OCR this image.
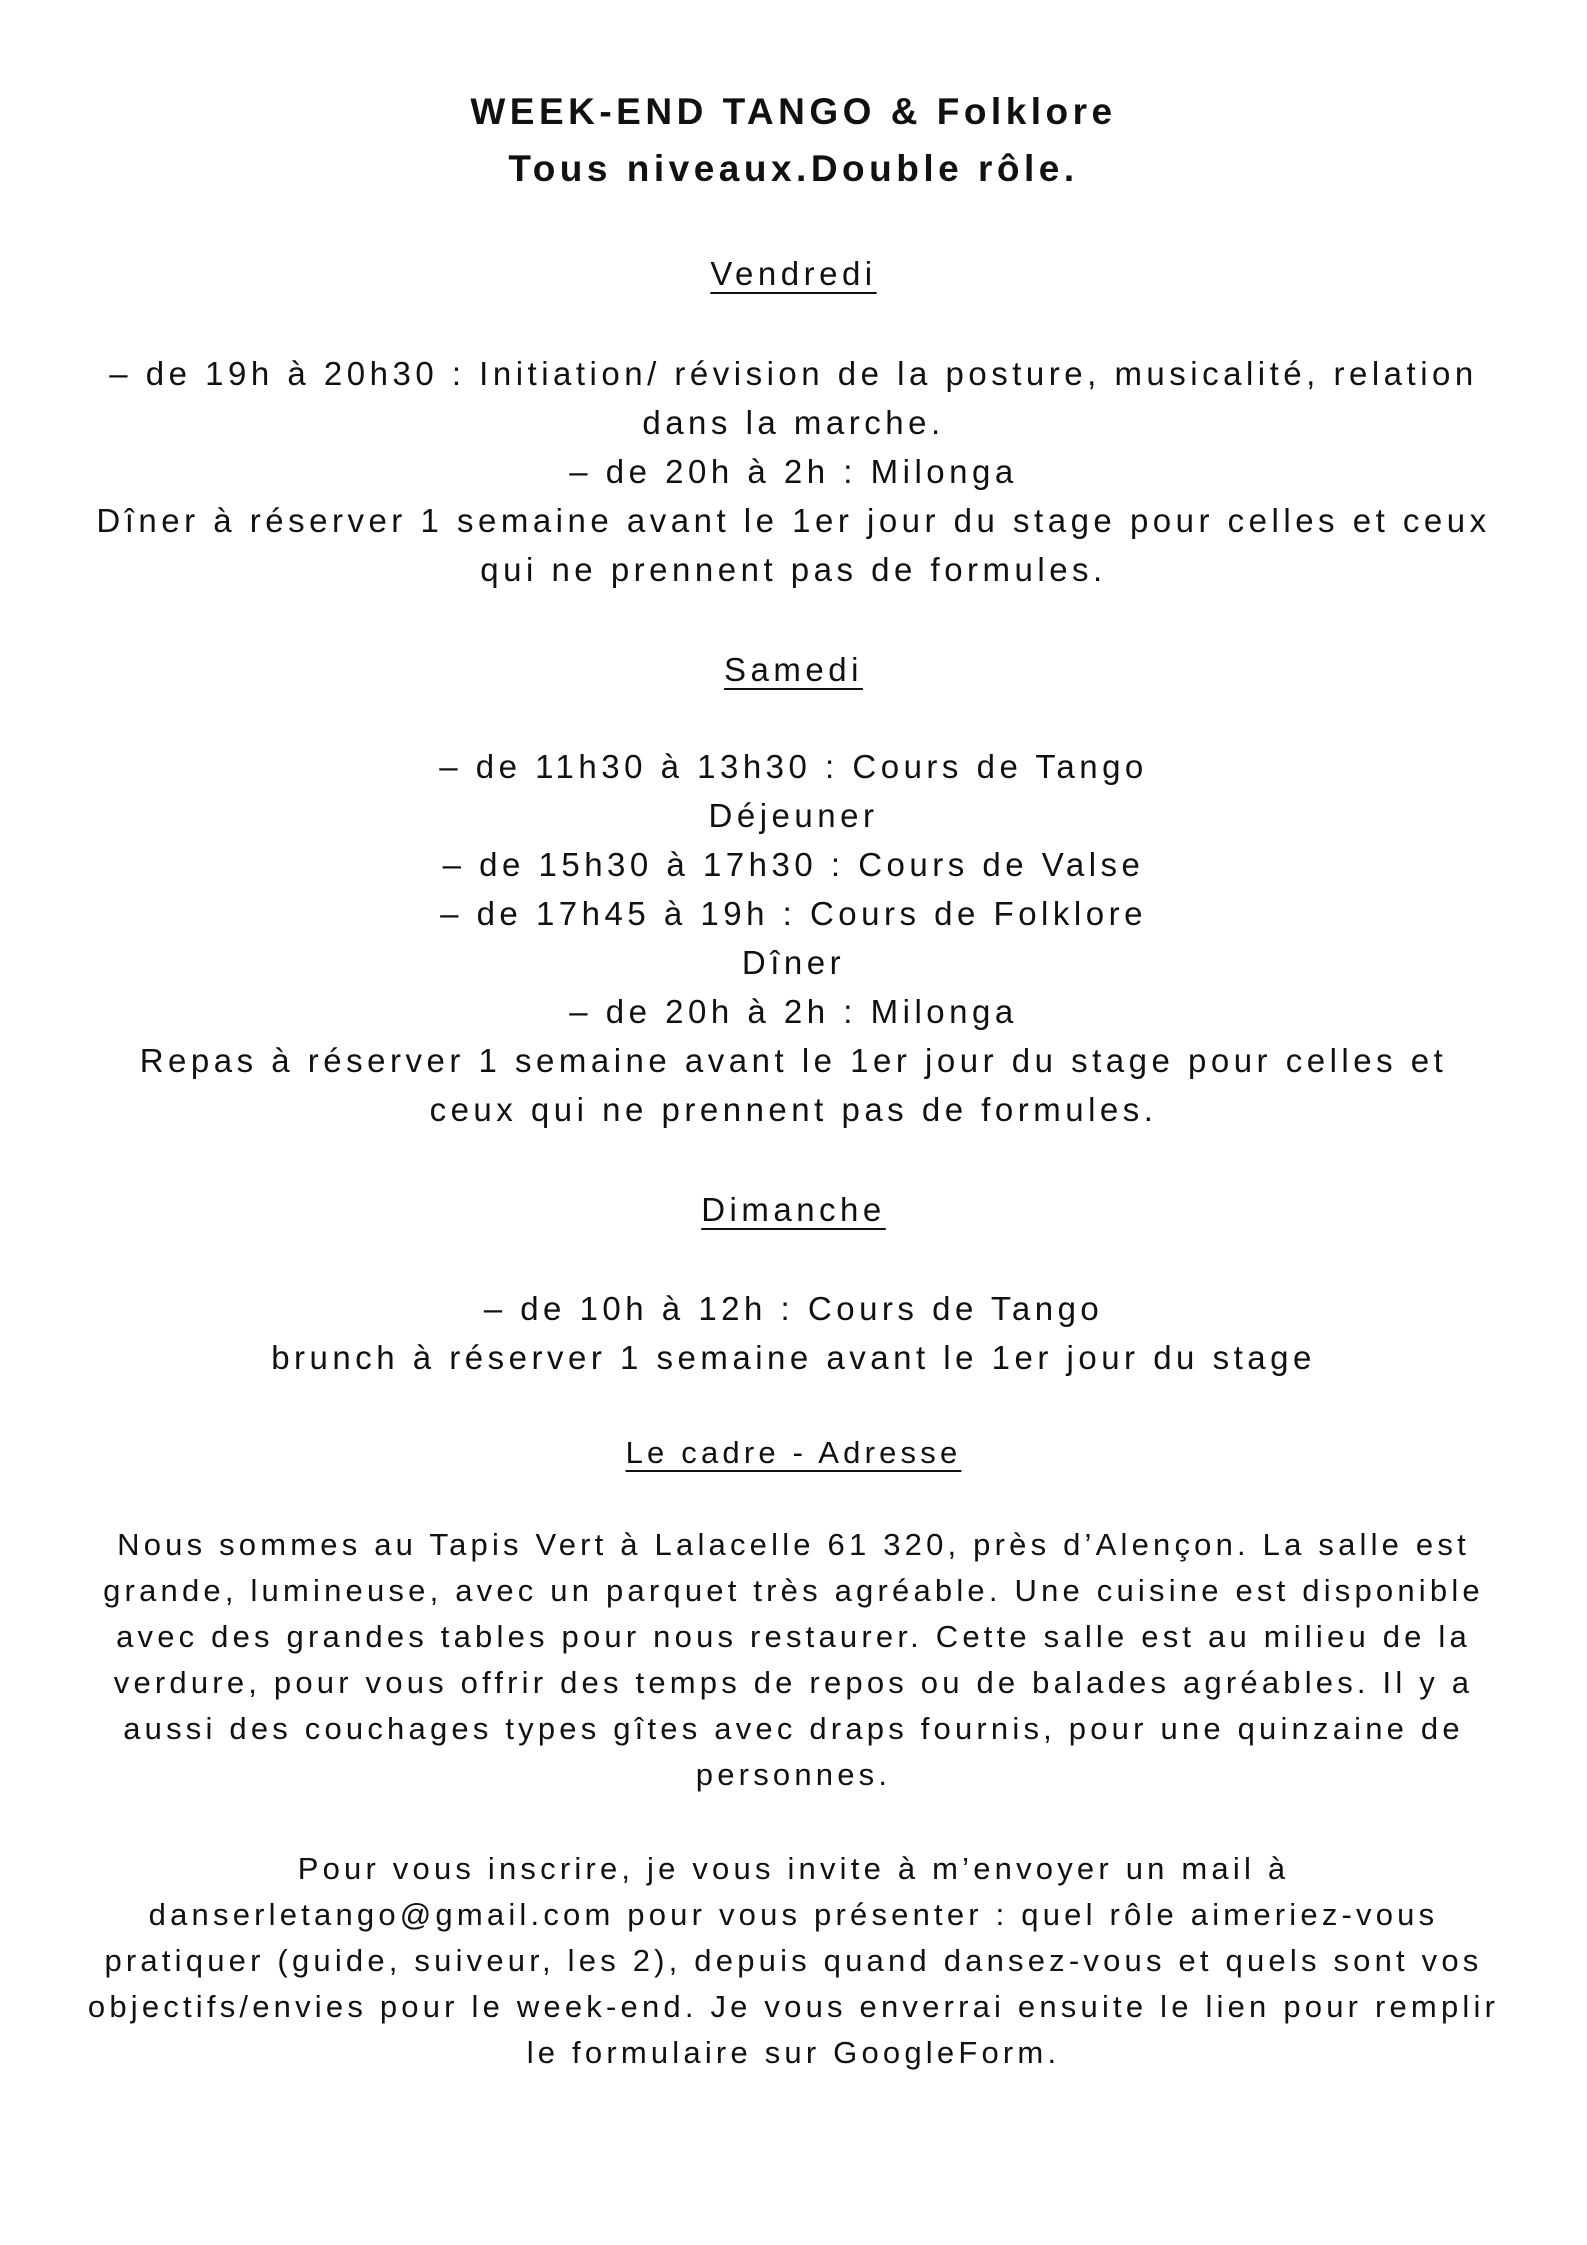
WEEK-END TANGO & Folklore
Tous niveaux.Double rôle.
Vendredi

– de 19h à 20h30 : Initiation/ révision de la posture, musicalité, relation

dans la marche.

– de 20h à 2h : Milonga

Dîner à réserver 1 semaine avant le 1er jour du stage pour celles et ceux

qui ne prennent pas de formules.

Samedi

– de 11h30 à 13h30 : Cours de Tango

Déjeuner

– de 15h30 à 17h30 : Cours de Valse

– de 17h45 à 19h : Cours de Folklore

Dîner

– de 20h à 2h : Milonga

Repas à réserver 1 semaine avant le 1er jour du stage pour celles et

ceux qui ne prennent pas de formules.

Dimanche

– de 10h à 12h : Cours de Tango

brunch à réserver 1 semaine avant le 1er jour du stage

Le cadre - Adresse

Nous sommes au Tapis Vert à Lalacelle 61 320, près d’Alençon. La salle est

grande, lumineuse, avec un parquet très agréable. Une cuisine est disponible

avec des grandes tables pour nous restaurer. Cette salle est au milieu de la

verdure, pour vous offrir des temps de repos ou de balades agréables. Il y a

aussi des couchages types gîtes avec draps fournis, pour une quinzaine de

personnes.

Pour vous inscrire, je vous invite à m’envoyer un mail à

danserletango@gmail.com pour vous présenter : quel rôle aimeriez-vous

pratiquer (guide, suiveur, les 2), depuis quand dansez-vous et quels sont vos

objectifs/envies pour le week-end. Je vous enverrai ensuite le lien pour remplir

le formulaire sur GoogleForm.
